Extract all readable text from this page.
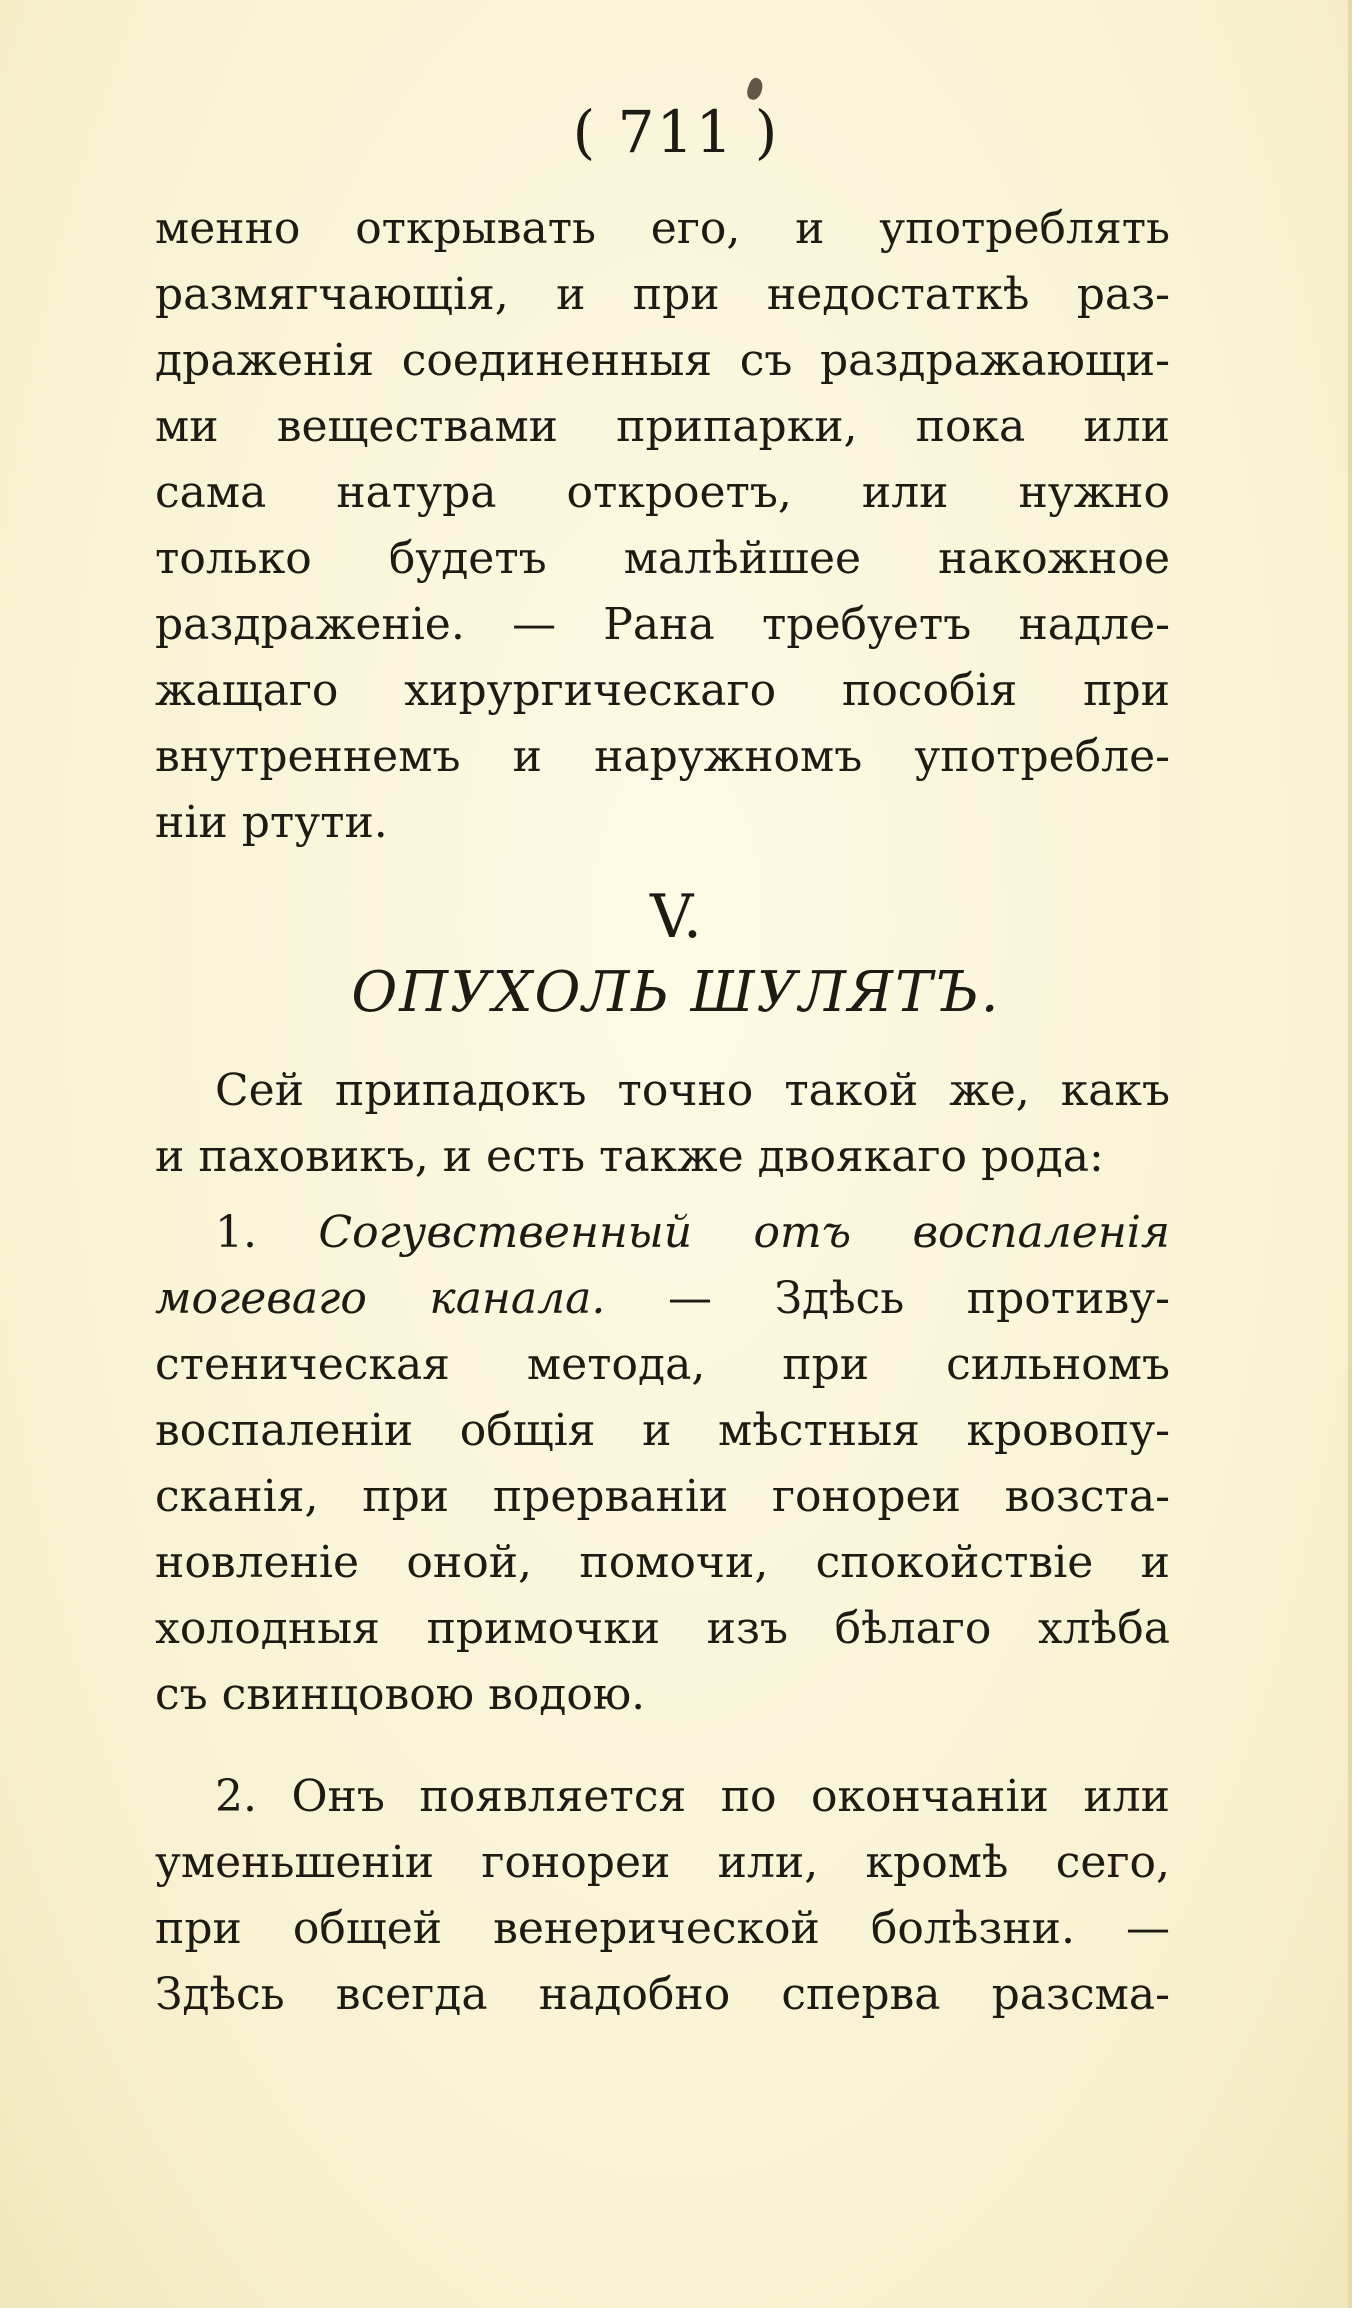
( 711 )
менно открывать его, и употреблять
размягчающія, и при недостаткѣ раз-
драженія соединенныя съ раздражающи-
ми веществами припарки, пока или
сама натура откроетъ, или нужно
только будетъ малѣйшее накожное
раздраженіе. — Рана требуетъ надле-
жащаго хирургическаго пособія при
внутреннемъ и наружномъ употребле-
ніи ртути.
V.
ОПУХОЛЬ ШУЛЯТЪ.
Сей припадокъ точно такой же, какъ
и паховикъ, и есть также двоякаго рода:
1. Согувственный отъ воспаленія
могеваго канала. — Здѣсь противу-
стеническая метода, при сильномъ
воспаленіи общія и мѣстныя кровопу-
сканія, при прерваніи гонореи возста-
новленіе оной, помочи, спокойствіе и
холодныя примочки изъ бѣлаго хлѣба
съ свинцовою водою.
2. Онъ появляется по окончаніи или
уменьшеніи гонореи или, кромѣ сего,
при общей венерической болѣзни. —
Здѣсь всегда надобно сперва разсма-
